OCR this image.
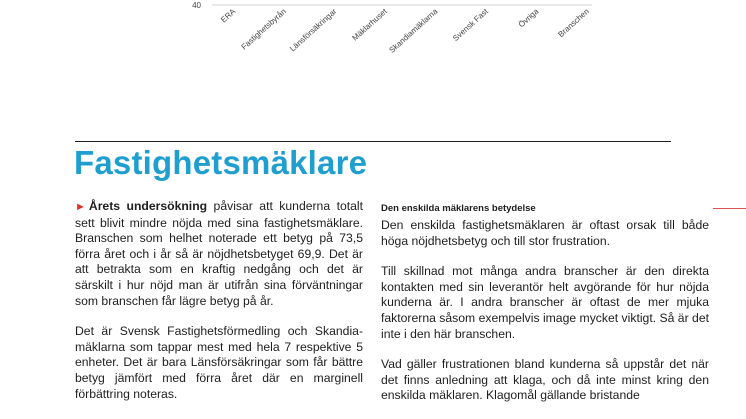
40
ERA Fastighetsbyrån Länsförsäkringar Mäklarhuset
Skandiamäklarna Svensk Fast	Övriga Branschen
Fastighetsmäklare

► Årets undersökning påvisar att kunderna totalt sett blivit mindre nöjda med sina fastighetsmäklare. Branschen som helhet noterade ett betyg på 73,5 förra året och i år så är nöjdhetsbetyget 69,9. Det är att betrakta som en kraftig nedgång och det är särskilt i hur nöjd man är utifrån sina förväntningar som branschen får lägre betyg på år.

Det är Svensk Fastighetsförmedling och Skandia-mäklarna som tappar mest med hela 7 respektive 5 enheter. Det är bara Länsförsäkringar som får bättre betyg jämfört med förra året där en marginell förbättring noteras.

Den enskilda mäklarens betydelse

Den enskilda fastighetsmäklaren är oftast orsak till både höga nöjdhetsbetyg och till stor frustration.

Till skillnad mot många andra branscher är den direkta kontakten med sin leverantör helt avgörande för hur nöjda kunderna är. I andra branscher är oftast de mer mjuka faktorerna såsom exempelvis image mycket viktigt. Så är det inte i den här branschen.

Vad gäller frustrationen bland kunderna så uppstår det när det finns anledning att klaga, och då inte minst kring den enskilda mäklaren. Klagomål gällande bristande
